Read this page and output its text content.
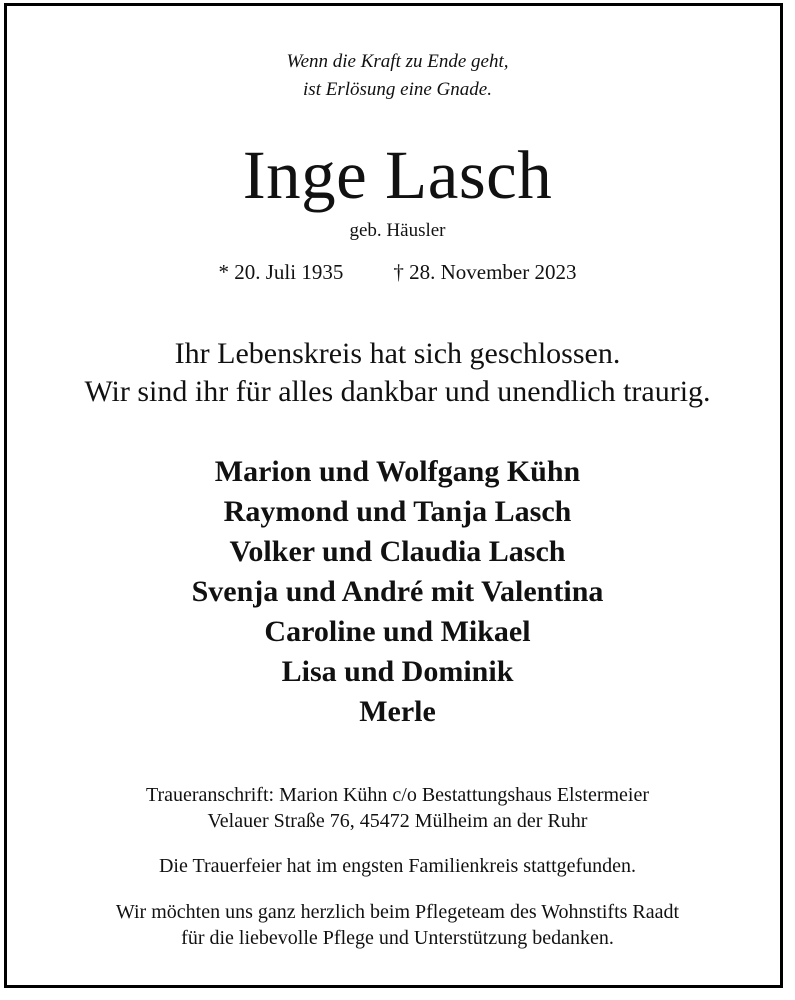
Wenn die Kraft zu Ende geht,
ist Erlösung eine Gnade.
Inge Lasch
geb. Häusler
* 20. Juli 1935 † 28. November 2023
Ihr Lebenskreis hat sich geschlossen.
Wir sind ihr für alles dankbar und unendlich traurig.
Marion und Wolfgang Kühn
Raymond und Tanja Lasch
Volker und Claudia Lasch
Svenja und André mit Valentina
Caroline und Mikael
Lisa und Dominik
Merle
Traueranschrift: Marion Kühn c/o Bestattungshaus Elstermeier
Velauer Straße 76, 45472 Mülheim an der Ruhr
Die Trauerfeier hat im engsten Familienkreis stattgefunden.
Wir möchten uns ganz herzlich beim Pflegeteam des Wohnstifts Raadt
für die liebevolle Pflege und Unterstützung bedanken.
